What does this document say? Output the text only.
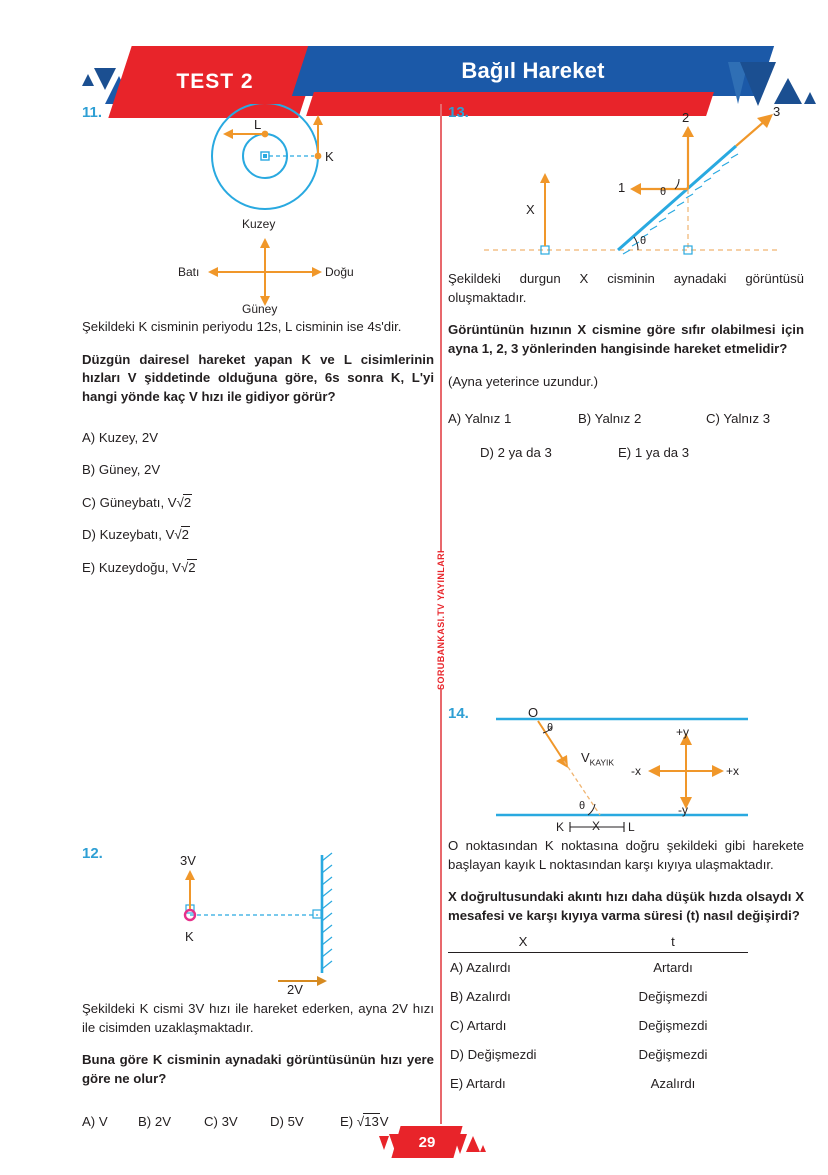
TEST 2	Bağıl Hareket
SORUBANKASI.TV YAYINLARI
11.
L
K
Kuzey
Güney
Doğu
Batı
Şekildeki K cisminin periyodu 12s, L cisminin ise 4s'dir.
Düzgün dairesel hareket yapan K ve L cisimlerinin hızları V şiddetinde olduğuna göre, 6s sonra K, L'yi hangi yönde kaç V hızı ile gidiyor görür?
A) Kuzey, 2V
B) Güney, 2V
C) Güneybatı, V√2
D) Kuzeybatı, V√2
E) Kuzeydoğu, V√2
12.	3V
K
2V
Şekildeki K cismi 3V hızı ile hareket ederken, ayna 2V hızı ile cisimden uzaklaşmaktadır.
Buna göre K cisminin aynadaki görüntüsünün hızı yere göre ne olur?
A) V	B) 2V	C) 3V	D) 5V	E) √13V
13.
X
1
2	3
θ
θ
Şekildeki durgun X cisminin aynadaki görüntüsü oluşmaktadır.
Görüntünün hızının X cismine göre sıfır olabilmesi için ayna 1, 2, 3 yönlerinden hangisinde hareket etmelidir?
(Ayna yeterince uzundur.)
A) Yalnız 1	B) Yalnız 2	C) Yalnız 3
D) 2 ya da 3	E) 1 ya da 3
14.	O
θ
$V_{KAYIK}$
θ
+y
-y
+x
-x
K X L
O noktasından K noktasına doğru şekildeki gibi harekete başlayan kayık L noktasından karşı kıyıya ulaşmaktadır.
X doğrultusundaki akıntı hızı daha düşük hızda olsaydı X mesafesi ve karşı kıyıya varma süresi (t) nasıl değişirdi?
X	t
A) Azalırdı	Artardı
B) Azalırdı	Değişmezdi
C) Artardı	Değişmezdi
D) Değişmezdi	Değişmezdi
E) Artardı	Azalırdı
29
